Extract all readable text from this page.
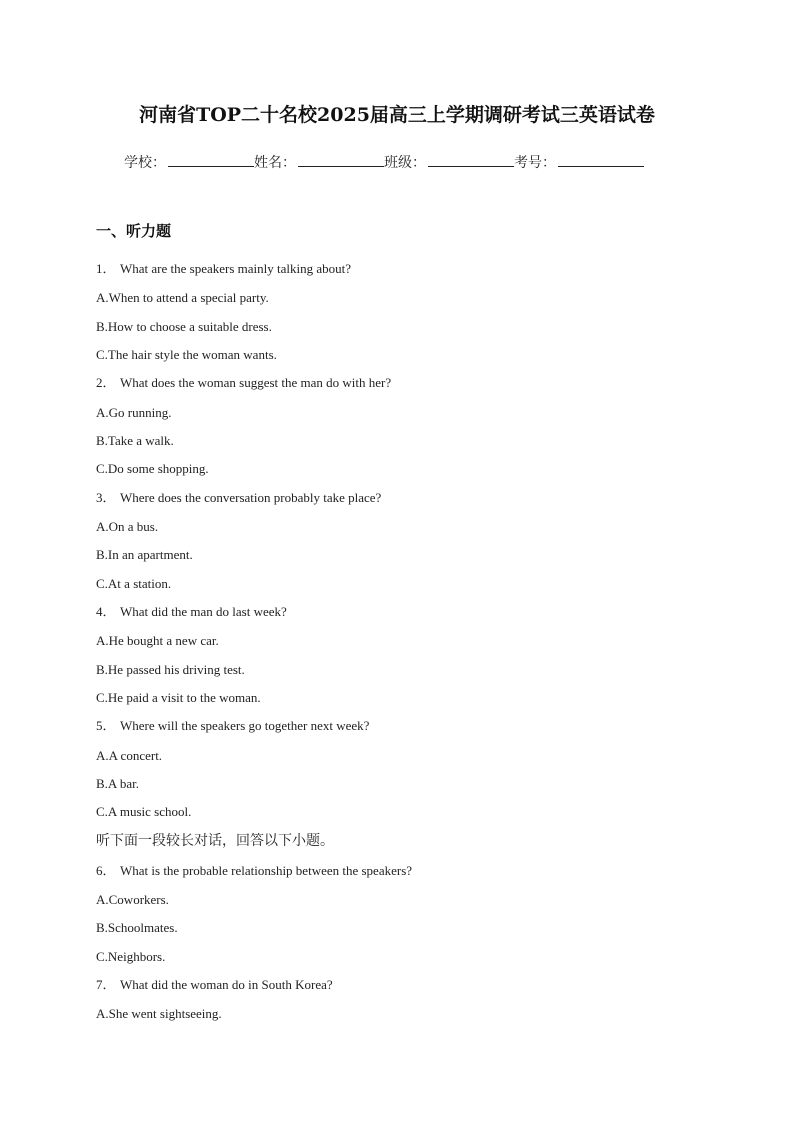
河南省TOP二十名校2025届高三上学期调研考试三英语试卷
学校：	姓名：	班级：	考号：
一、听力题
1． What are the speakers mainly talking about?
A.When to attend a special party.
B.How to choose a suitable dress.
C.The hair style the woman wants.
2． What does the woman suggest the man do with her?
A.Go running.
B.Take a walk.
C.Do some shopping.
3． Where does the conversation probably take place?
A.On a bus.
B.In an apartment.
C.At a station.
4． What did the man do last week?
A.He bought a new car.
B.He passed his driving test.
C.He paid a visit to the woman.
5． Where will the speakers go together next week?
A.A concert.
B.A bar.
C.A music school.
听下面一段较长对话，回答以下小题。
6． What is the probable relationship between the speakers?
A.Coworkers.
B.Schoolmates.
C.Neighbors.
7． What did the woman do in South Korea?
A.She went sightseeing.
